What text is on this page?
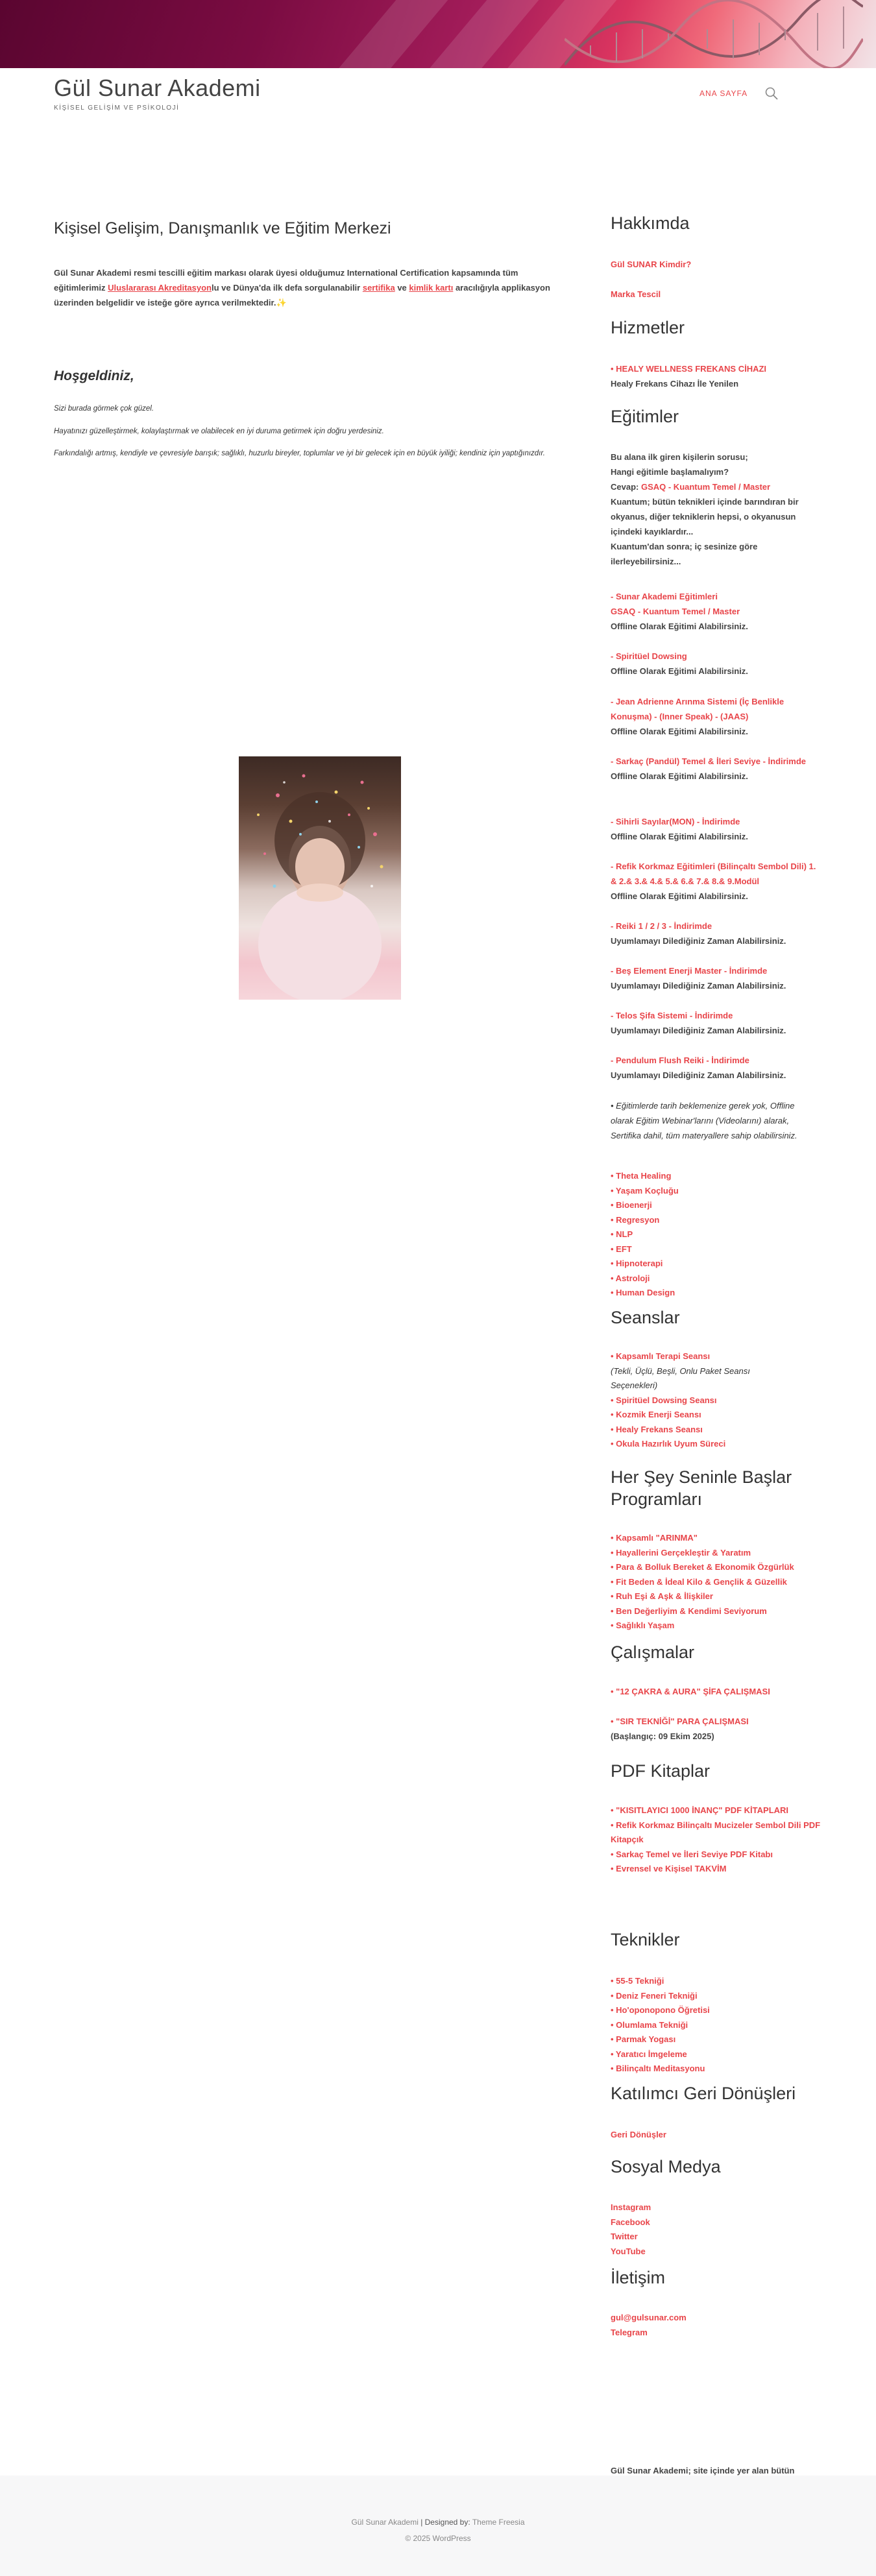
Gül Sunar Akademi
KİŞİSEL GELİŞİM VE PSİKOLOJİ
ANA SAYFA
Kişisel Gelişim, Danışmanlık ve Eğitim Merkezi

Gül Sunar Akademi resmi tescilli eğitim markası olarak üyesi olduğumuz International Certification kapsamında tüm eğitimlerimiz Uluslararası Akreditasyonlu ve Dünya'da ilk defa sorgulanabilir sertifika ve kimlik kartı aracılığıyla applikasyon üzerinden belgelidir ve isteğe göre ayrıca verilmektedir.✨

Hoşgeldiniz,

Sizi burada görmek çok güzel.

Hayatınızı güzelleştirmek, kolaylaştırmak ve olabilecek en iyi duruma getirmek için doğru yerdesiniz.

Farkındalığı artmış, kendiyle ve çevresiyle barışık; sağlıklı, huzurlu bireyler, toplumlar ve iyi bir gelecek için en büyük iyiliği; kendiniz için yaptığınızdır.

Hakkımda
Gül SUNAR Kimdir?
Marka Tescil
Hizmetler
• HEALY WELLNESS FREKANS CİHAZI

Healy Frekans Cihazı İle Yenilen

Eğitimler
Bu alana ilk giren kişilerin sorusu;
Hangi eğitimle başlamalıyım?
Cevap: GSAQ - Kuantum Temel / Master
Kuantum; bütün teknikleri içinde barındıran bir okyanus, diğer tekniklerin hepsi, o okyanusun içindeki kayıklardır...
Kuantum'dan sonra; iç sesinize göre ilerleyebilirsiniz...
- Sunar Akademi Eğitimleri
GSAQ - Kuantum Temel / Master
Offline Olarak Eğitimi Alabilirsiniz.
- Spiritüel Dowsing
Offline Olarak Eğitimi Alabilirsiniz.
- Jean Adrienne Arınma Sistemi (İç Benlikle Konuşma) - (Inner Speak) - (JAAS)
Offline Olarak Eğitimi Alabilirsiniz.
- Sarkaç (Pandül) Temel & İleri Seviye - İndirimde
Offline Olarak Eğitimi Alabilirsiniz.
- Sihirli Sayılar(MON) - İndirimde
Offline Olarak Eğitimi Alabilirsiniz.
- Refik Korkmaz Eğitimleri (Bilinçaltı Sembol Dili) 1. & 2.& 3.& 4.& 5.& 6.& 7.& 8.& 9.Modül
Offline Olarak Eğitimi Alabilirsiniz.
- Reiki 1 / 2 / 3 - İndirimde
Uyumlamayı Dilediğiniz Zaman Alabilirsiniz.
- Beş Element Enerji Master - İndirimde
Uyumlamayı Dilediğiniz Zaman Alabilirsiniz.
- Telos Şifa Sistemi - İndirimde
Uyumlamayı Dilediğiniz Zaman Alabilirsiniz.
- Pendulum Flush Reiki - İndirimde
Uyumlamayı Dilediğiniz Zaman Alabilirsiniz.

• Eğitimlerde tarih beklemenize gerek yok, Offline olarak Eğitim Webinar'larını (Videolarını) alarak, Sertifika dahil, tüm materyallere sahip olabilirsiniz.

• Theta Healing
• Yaşam Koçluğu
• Bioenerji
• Regresyon
• NLP
• EFT
• Hipnoterapi
• Astroloji
• Human Design
Seanslar
• Kapsamlı Terapi Seansı
(Tekli, Üçlü, Beşli, Onlu Paket Seansı Seçenekleri)
• Spiritüel Dowsing Seansı
• Kozmik Enerji Seansı
• Healy Frekans Seansı
• Okula Hazırlık Uyum Süreci
Her Şey Seninle Başlar Programları
• Kapsamlı "ARINMA"
• Hayallerini Gerçekleştir & Yaratım
• Para & Bolluk Bereket & Ekonomik Özgürlük
• Fit Beden & İdeal Kilo & Gençlik & Güzellik
• Ruh Eşi & Aşk & İlişkiler
• Ben Değerliyim & Kendimi Seviyorum
• Sağlıklı Yaşam
Çalışmalar
• "12 ÇAKRA & AURA" ŞİFA ÇALIŞMASI
• "SIR TEKNİĞİ" PARA ÇALIŞMASI

(Başlangıç: 09 Ekim 2025)

PDF Kitaplar
• "KISITLAYICI 1000 İNANÇ" PDF KİTAPLARI
• Refik Korkmaz Bilinçaltı Mucizeler Sembol Dili PDF Kitapçık
• Sarkaç Temel ve İleri Seviye PDF Kitabı
• Evrensel ve Kişisel TAKVİM
Teknikler
• 55-5 Tekniği
• Deniz Feneri Tekniği
• Ho'oponopono Öğretisi
• Olumlama Tekniği
• Parmak Yogası
• Yaratıcı İmgeleme
• Bilinçaltı Meditasyonu
Katılımcı Geri Dönüşleri
Geri Dönüşler
Sosyal Medya
Instagram
Facebook
Twitter
YouTube
İletişim
gul@gulsunar.com
Telegram

Gül Sunar Akademi; site içinde yer alan bütün

Gül Sunar Akademi | Designed by: Theme Freesia
© 2025 WordPress
